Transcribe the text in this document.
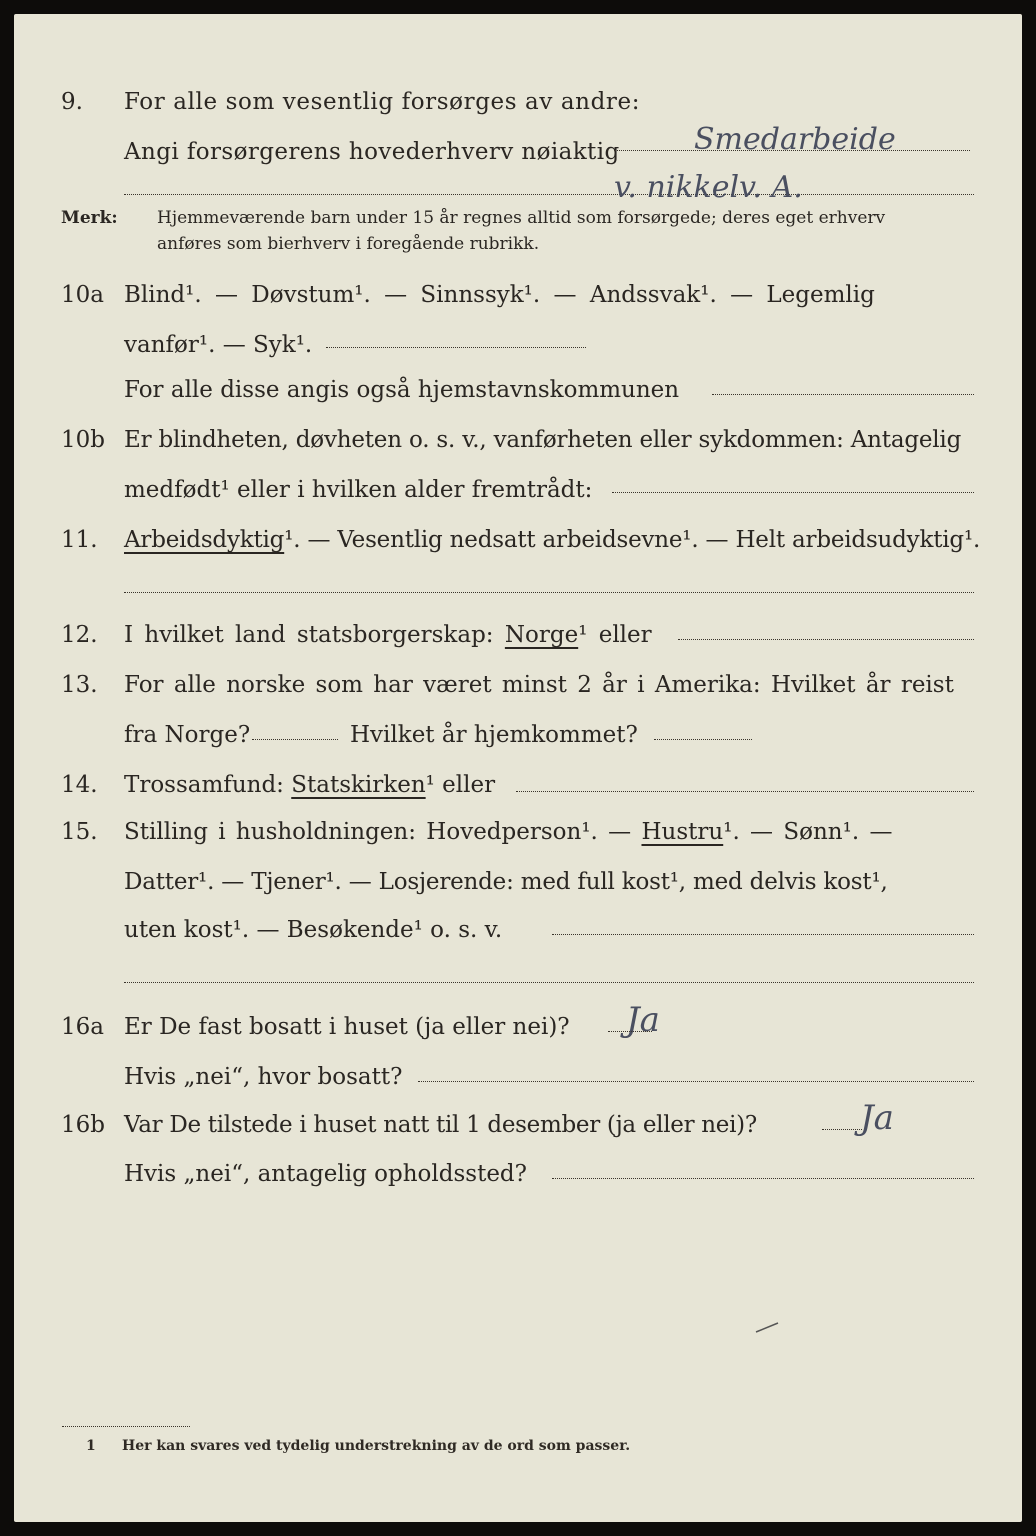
9.	For alle som vesentlig forsørges av andre:
Angi forsørgerens hovederhverv nøiaktig Smedarbeide
v. nikkelv. A.
Merk: Hjemmeværende barn under 15 år regnes alltid som forsørgede; deres eget erhverv
anføres som bierhverv i foregående rubrikk.
10a Blind¹. — Døvstum¹. — Sinnssyk¹. — Andssvak¹. — Legemlig
vanfør¹. — Syk¹.
For alle disse angis også hjemstavnskommunen
10b Er blindheten, døvheten o. s. v., vanførheten eller sykdommen: Antagelig
medfødt¹ eller i hvilken alder fremtrådt:
11.	Arbeidsdyktig¹. — Vesentlig nedsatt arbeidsevne¹. — Helt arbeidsudyktig¹.
12.	I hvilket land statsborgerskap: Norge¹ eller
13.	For alle norske som har været minst 2 år i Amerika: Hvilket år reist
fra Norge?	Hvilket år hjemkommet?
14.	Trossamfund: Statskirken¹ eller
15.	Stilling i husholdningen: Hovedperson¹. — Hustru¹. — Sønn¹. —
Datter¹. — Tjener¹. — Losjerende: med full kost¹, med delvis kost¹,
uten kost¹. — Besøkende¹ o. s. v.
16a Er De fast bosatt i huset (ja eller nei)? Ja
Hvis „nei“, hvor bosatt?
16b Var De tilstede i huset natt til 1 desember (ja eller nei)?	Ja
Hvis „nei“, antagelig opholdssted?
1 Her kan svares ved tydelig understrekning av de ord som passer.
